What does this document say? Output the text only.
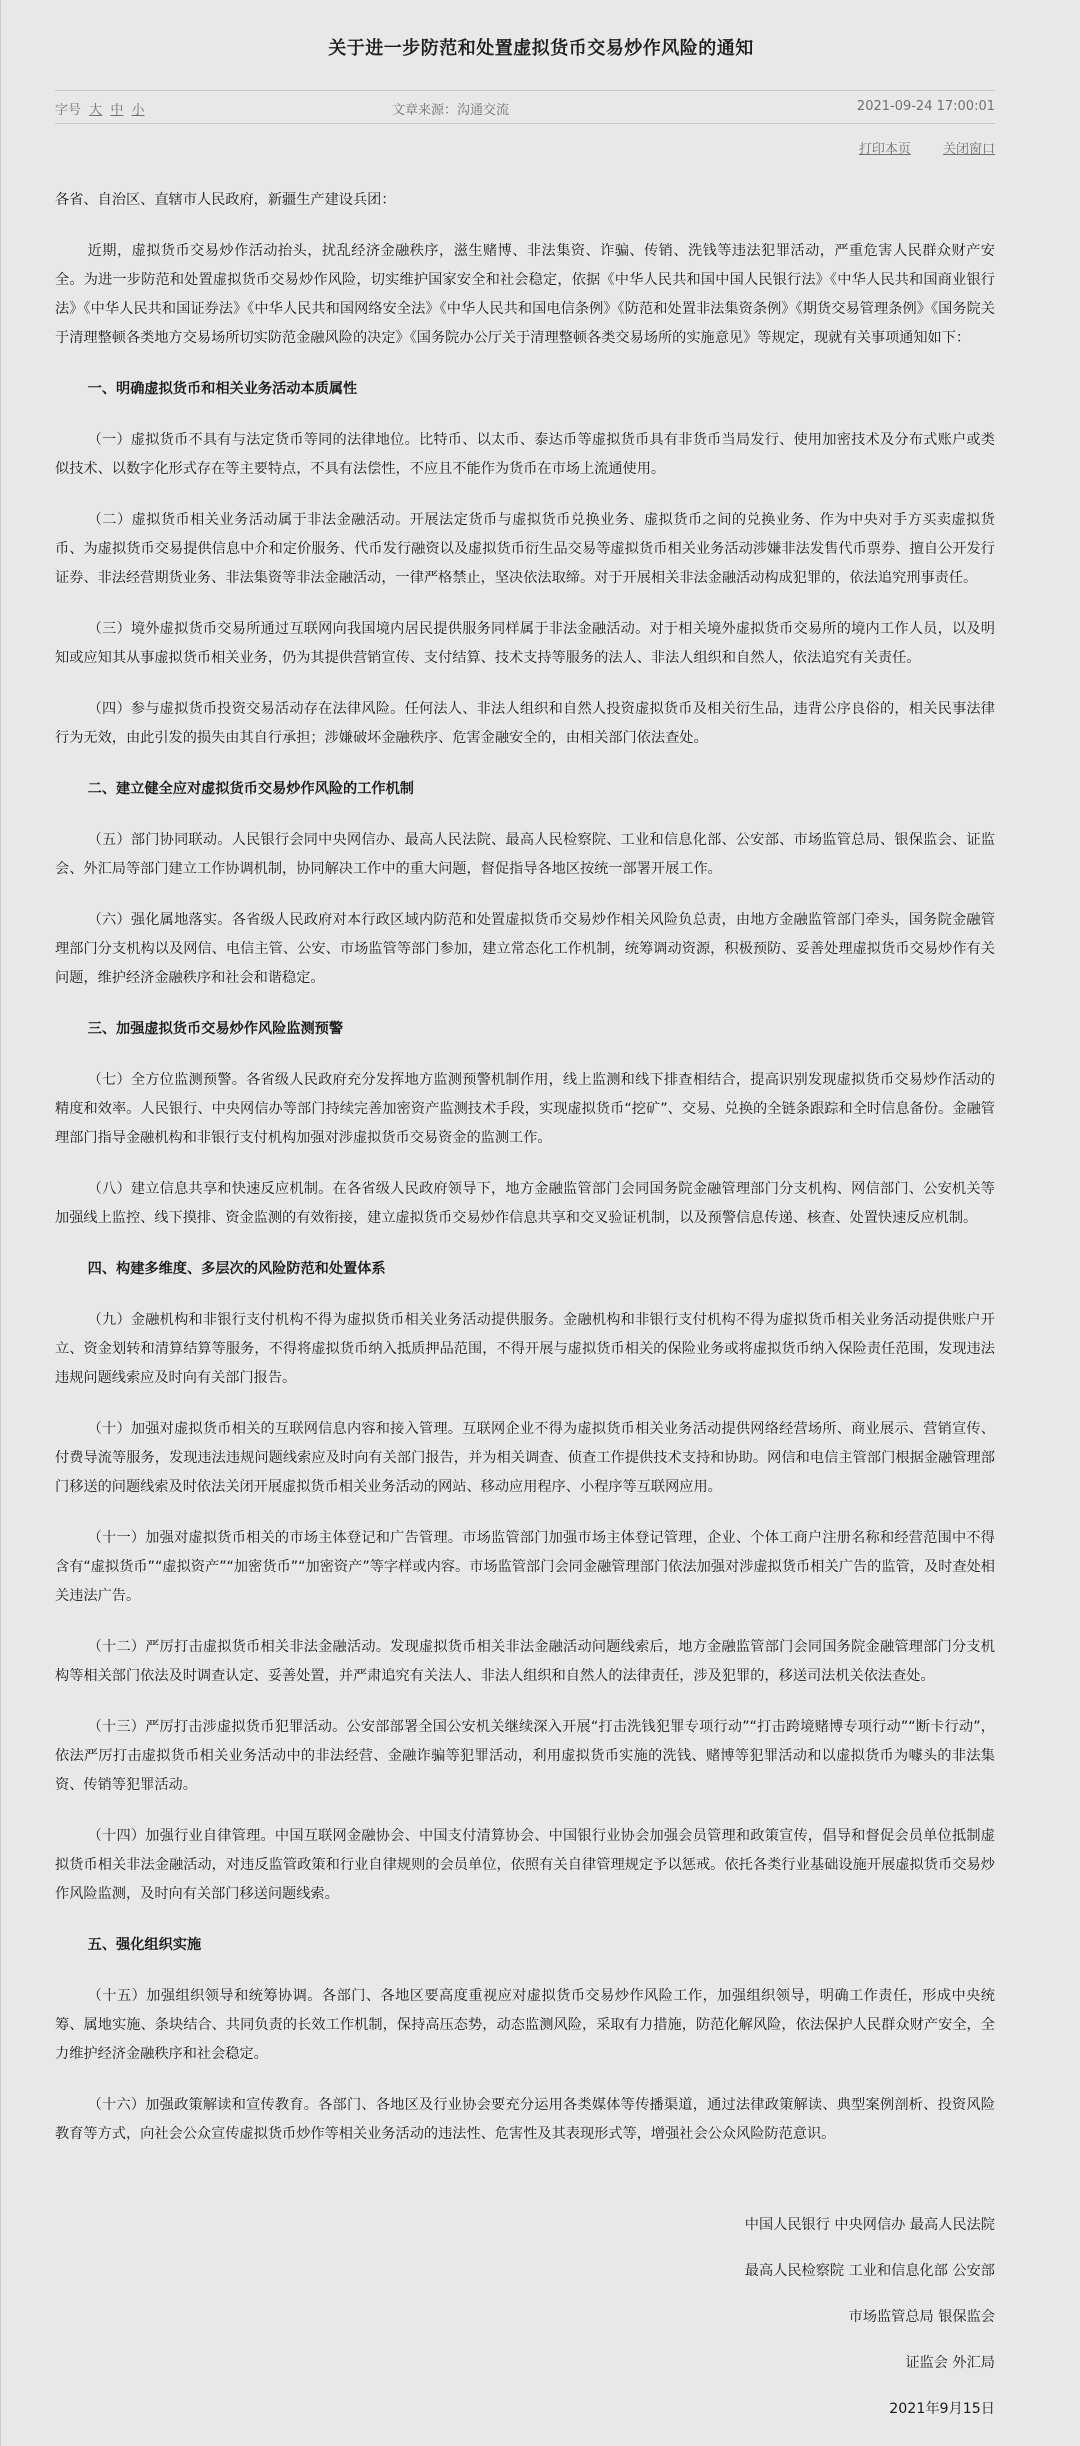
关于进一步防范和处置虚拟货币交易炒作风险的通知
字号 大 中 小	文章来源：沟通交流	2021-09-24 17:00:01
打印本页 关闭窗口

各省、自治区、直辖市人民政府，新疆生产建设兵团：

近期，虚拟货币交易炒作活动抬头，扰乱经济金融秩序，滋生赌博、非法集资、诈骗、传销、洗钱等违法犯罪活动，严重危害人民群众财产安全。为进一步防范和处置虚拟货币交易炒作风险，切实维护国家安全和社会稳定，依据《中华人民共和国中国人民银行法》《中华人民共和国商业银行法》《中华人民共和国证券法》《中华人民共和国网络安全法》《中华人民共和国电信条例》《防范和处置非法集资条例》《期货交易管理条例》《国务院关于清理整顿各类地方交易场所切实防范金融风险的决定》《国务院办公厅关于清理整顿各类交易场所的实施意见》等规定，现就有关事项通知如下：

一、明确虚拟货币和相关业务活动本质属性

（一）虚拟货币不具有与法定货币等同的法律地位。比特币、以太币、泰达币等虚拟货币具有非货币当局发行、使用加密技术及分布式账户或类似技术、以数字化形式存在等主要特点，不具有法偿性，不应且不能作为货币在市场上流通使用。

（二）虚拟货币相关业务活动属于非法金融活动。开展法定货币与虚拟货币兑换业务、虚拟货币之间的兑换业务、作为中央对手方买卖虚拟货币、为虚拟货币交易提供信息中介和定价服务、代币发行融资以及虚拟货币衍生品交易等虚拟货币相关业务活动涉嫌非法发售代币票券、擅自公开发行证券、非法经营期货业务、非法集资等非法金融活动，一律严格禁止，坚决依法取缔。对于开展相关非法金融活动构成犯罪的，依法追究刑事责任。

（三）境外虚拟货币交易所通过互联网向我国境内居民提供服务同样属于非法金融活动。对于相关境外虚拟货币交易所的境内工作人员，以及明知或应知其从事虚拟货币相关业务，仍为其提供营销宣传、支付结算、技术支持等服务的法人、非法人组织和自然人，依法追究有关责任。

（四）参与虚拟货币投资交易活动存在法律风险。任何法人、非法人组织和自然人投资虚拟货币及相关衍生品，违背公序良俗的，相关民事法律行为无效，由此引发的损失由其自行承担；涉嫌破坏金融秩序、危害金融安全的，由相关部门依法查处。

二、建立健全应对虚拟货币交易炒作风险的工作机制

（五）部门协同联动。人民银行会同中央网信办、最高人民法院、最高人民检察院、工业和信息化部、公安部、市场监管总局、银保监会、证监会、外汇局等部门建立工作协调机制，协同解决工作中的重大问题，督促指导各地区按统一部署开展工作。

（六）强化属地落实。各省级人民政府对本行政区域内防范和处置虚拟货币交易炒作相关风险负总责，由地方金融监管部门牵头，国务院金融管理部门分支机构以及网信、电信主管、公安、市场监管等部门参加，建立常态化工作机制，统筹调动资源，积极预防、妥善处理虚拟货币交易炒作有关问题，维护经济金融秩序和社会和谐稳定。

三、加强虚拟货币交易炒作风险监测预警

（七）全方位监测预警。各省级人民政府充分发挥地方监测预警机制作用，线上监测和线下排查相结合，提高识别发现虚拟货币交易炒作活动的精度和效率。人民银行、中央网信办等部门持续完善加密资产监测技术手段，实现虚拟货币“挖矿”、交易、兑换的全链条跟踪和全时信息备份。金融管理部门指导金融机构和非银行支付机构加强对涉虚拟货币交易资金的监测工作。

（八）建立信息共享和快速反应机制。在各省级人民政府领导下，地方金融监管部门会同国务院金融管理部门分支机构、网信部门、公安机关等加强线上监控、线下摸排、资金监测的有效衔接，建立虚拟货币交易炒作信息共享和交叉验证机制，以及预警信息传递、核查、处置快速反应机制。

四、构建多维度、多层次的风险防范和处置体系

（九）金融机构和非银行支付机构不得为虚拟货币相关业务活动提供服务。金融机构和非银行支付机构不得为虚拟货币相关业务活动提供账户开立、资金划转和清算结算等服务，不得将虚拟货币纳入抵质押品范围，不得开展与虚拟货币相关的保险业务或将虚拟货币纳入保险责任范围，发现违法违规问题线索应及时向有关部门报告。

（十）加强对虚拟货币相关的互联网信息内容和接入管理。互联网企业不得为虚拟货币相关业务活动提供网络经营场所、商业展示、营销宣传、付费导流等服务，发现违法违规问题线索应及时向有关部门报告，并为相关调查、侦查工作提供技术支持和协助。网信和电信主管部门根据金融管理部门移送的问题线索及时依法关闭开展虚拟货币相关业务活动的网站、移动应用程序、小程序等互联网应用。

（十一）加强对虚拟货币相关的市场主体登记和广告管理。市场监管部门加强市场主体登记管理，企业、个体工商户注册名称和经营范围中不得含有“虚拟货币”“虚拟资产”“加密货币”“加密资产”等字样或内容。市场监管部门会同金融管理部门依法加强对涉虚拟货币相关广告的监管，及时查处相关违法广告。

（十二）严厉打击虚拟货币相关非法金融活动。发现虚拟货币相关非法金融活动问题线索后，地方金融监管部门会同国务院金融管理部门分支机构等相关部门依法及时调查认定、妥善处置，并严肃追究有关法人、非法人组织和自然人的法律责任，涉及犯罪的，移送司法机关依法查处。

（十三）严厉打击涉虚拟货币犯罪活动。公安部部署全国公安机关继续深入开展“打击洗钱犯罪专项行动”“打击跨境赌博专项行动”“断卡行动”，依法严厉打击虚拟货币相关业务活动中的非法经营、金融诈骗等犯罪活动，利用虚拟货币实施的洗钱、赌博等犯罪活动和以虚拟货币为噱头的非法集资、传销等犯罪活动。

（十四）加强行业自律管理。中国互联网金融协会、中国支付清算协会、中国银行业协会加强会员管理和政策宣传，倡导和督促会员单位抵制虚拟货币相关非法金融活动，对违反监管政策和行业自律规则的会员单位，依照有关自律管理规定予以惩戒。依托各类行业基础设施开展虚拟货币交易炒作风险监测，及时向有关部门移送问题线索。

五、强化组织实施

（十五）加强组织领导和统筹协调。各部门、各地区要高度重视应对虚拟货币交易炒作风险工作，加强组织领导，明确工作责任，形成中央统筹、属地实施、条块结合、共同负责的长效工作机制，保持高压态势，动态监测风险，采取有力措施，防范化解风险，依法保护人民群众财产安全，全力维护经济金融秩序和社会稳定。

（十六）加强政策解读和宣传教育。各部门、各地区及行业协会要充分运用各类媒体等传播渠道，通过法律政策解读、典型案例剖析、投资风险教育等方式，向社会公众宣传虚拟货币炒作等相关业务活动的违法性、危害性及其表现形式等，增强社会公众风险防范意识。

中国人民银行 中央网信办 最高人民法院
最高人民检察院 工业和信息化部 公安部
市场监管总局 银保监会
证监会 外汇局
2021年9月15日
